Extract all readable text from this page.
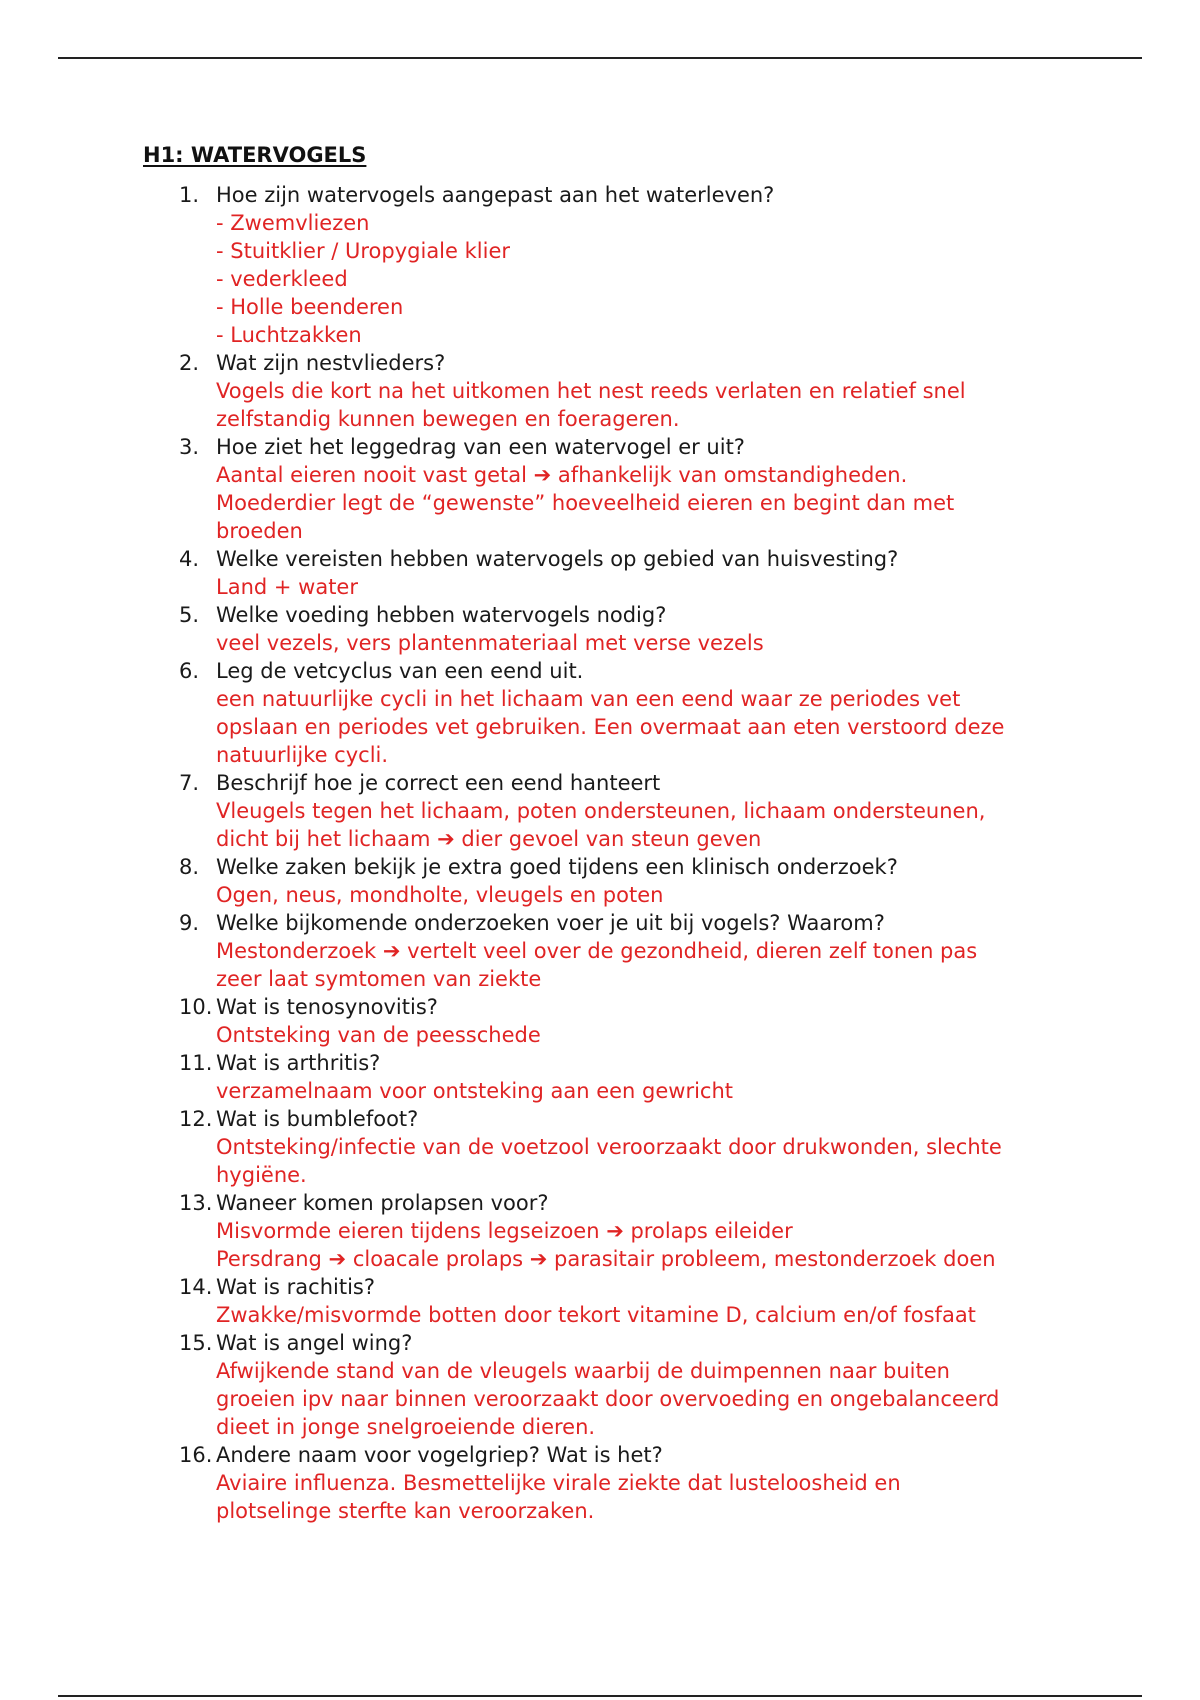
H1: WATERVOGELS
1. Hoe zijn watervogels aangepast aan het waterleven?
- Zwemvliezen
- Stuitklier / Uropygiale klier
- vederkleed
- Holle beenderen
- Luchtzakken
2. Wat zijn nestvlieders?
Vogels die kort na het uitkomen het nest reeds verlaten en relatief snel
zelfstandig kunnen bewegen en foerageren.
3. Hoe ziet het leggedrag van een watervogel er uit?
Aantal eieren nooit vast getal ➔ afhankelijk van omstandigheden.
Moederdier legt de “gewenste” hoeveelheid eieren en begint dan met
broeden
4. Welke vereisten hebben watervogels op gebied van huisvesting?
Land + water
5. Welke voeding hebben watervogels nodig?
veel vezels, vers plantenmateriaal met verse vezels
6. Leg de vetcyclus van een eend uit.
een natuurlijke cycli in het lichaam van een eend waar ze periodes vet
opslaan en periodes vet gebruiken. Een overmaat aan eten verstoord deze
natuurlijke cycli.
7. Beschrijf hoe je correct een eend hanteert
Vleugels tegen het lichaam, poten ondersteunen, lichaam ondersteunen,
dicht bij het lichaam ➔ dier gevoel van steun geven
8. Welke zaken bekijk je extra goed tijdens een klinisch onderzoek?
Ogen, neus, mondholte, vleugels en poten
9. Welke bijkomende onderzoeken voer je uit bij vogels? Waarom?
Mestonderzoek ➔ vertelt veel over de gezondheid, dieren zelf tonen pas
zeer laat symtomen van ziekte
10. Wat is tenosynovitis?
Ontsteking van de peesschede
11. Wat is arthritis?
verzamelnaam voor ontsteking aan een gewricht
12. Wat is bumblefoot?
Ontsteking/infectie van de voetzool veroorzaakt door drukwonden, slechte
hygiëne.
13. Waneer komen prolapsen voor?
Misvormde eieren tijdens legseizoen ➔ prolaps eileider
Persdrang ➔ cloacale prolaps ➔ parasitair probleem, mestonderzoek doen
14. Wat is rachitis?
Zwakke/misvormde botten door tekort vitamine D, calcium en/of fosfaat
15. Wat is angel wing?
Afwijkende stand van de vleugels waarbij de duimpennen naar buiten
groeien ipv naar binnen veroorzaakt door overvoeding en ongebalanceerd
dieet in jonge snelgroeiende dieren.
16. Andere naam voor vogelgriep? Wat is het?
Aviaire influenza. Besmettelijke virale ziekte dat lusteloosheid en
plotselinge sterfte kan veroorzaken.
